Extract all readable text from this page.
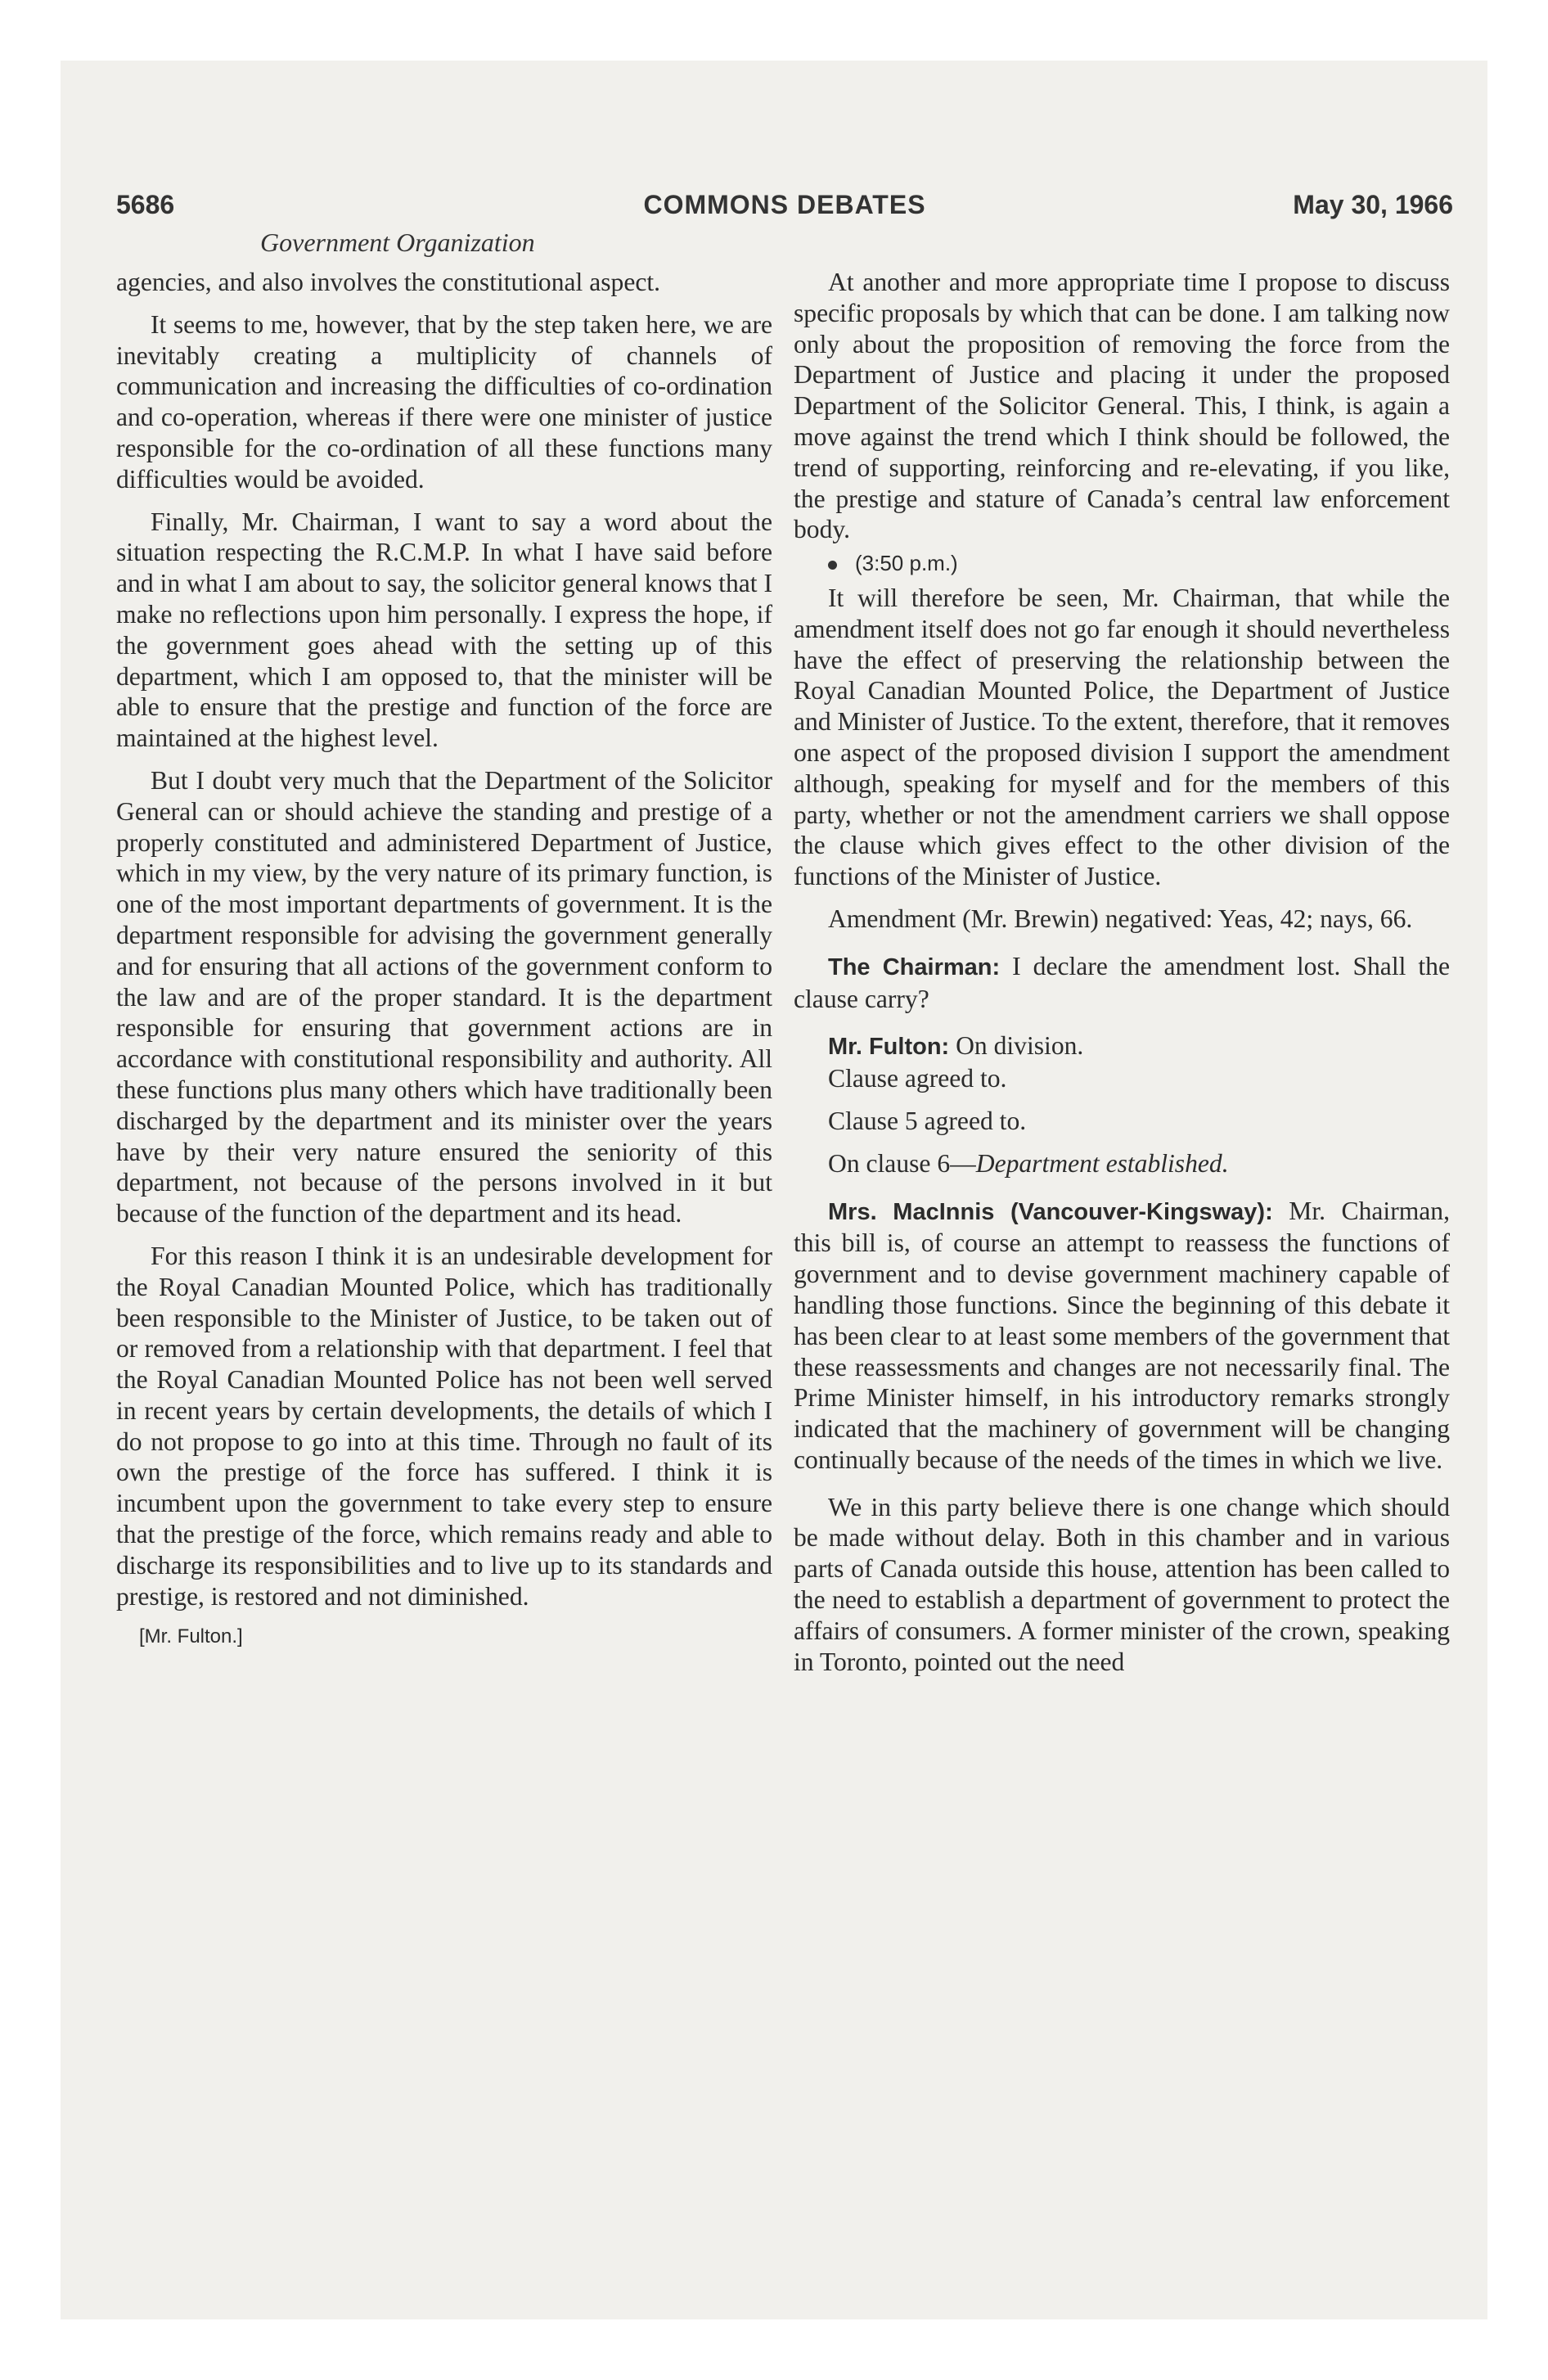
5686	COMMONS DEBATES	May 30, 1966
Government Organization

agencies, and also involves the constitutional aspect.

It seems to me, however, that by the step taken here, we are inevitably creating a multiplicity of channels of communication and increasing the difficulties of co-ordination and co-operation, whereas if there were one minister of justice responsible for the co-ordination of all these functions many difficulties would be avoided.

Finally, Mr. Chairman, I want to say a word about the situation respecting the R.C.M.P. In what I have said before and in what I am about to say, the solicitor general knows that I make no reflections upon him personally. I express the hope, if the government goes ahead with the setting up of this department, which I am opposed to, that the minister will be able to ensure that the prestige and function of the force are maintained at the highest level.

But I doubt very much that the Department of the Solicitor General can or should achieve the standing and prestige of a properly constituted and administered Department of Justice, which in my view, by the very nature of its primary function, is one of the most important departments of government. It is the department responsible for advising the government generally and for ensuring that all actions of the government conform to the law and are of the proper standard. It is the department responsible for ensuring that government actions are in accordance with constitutional responsibility and authority. All these functions plus many others which have traditionally been discharged by the department and its minister over the years have by their very nature ensured the seniority of this department, not because of the persons involved in it but because of the function of the department and its head.

For this reason I think it is an undesirable development for the Royal Canadian Mounted Police, which has traditionally been responsible to the Minister of Justice, to be taken out of or removed from a relationship with that department. I feel that the Royal Canadian Mounted Police has not been well served in recent years by certain developments, the details of which I do not propose to go into at this time. Through no fault of its own the prestige of the force has suffered. I think it is incumbent upon the government to take every step to ensure that the prestige of the force, which remains ready and able to discharge its responsibilities and to live up to its standards and prestige, is restored and not diminished.

[Mr. Fulton.]

At another and more appropriate time I propose to discuss specific proposals by which that can be done. I am talking now only about the proposition of removing the force from the Department of Justice and placing it under the proposed Department of the Solicitor General. This, I think, is again a move against the trend which I think should be followed, the trend of supporting, reinforcing and re-elevating, if you like, the prestige and stature of Canada’s central law enforcement body.

(3:50 p.m.)

It will therefore be seen, Mr. Chairman, that while the amendment itself does not go far enough it should nevertheless have the effect of preserving the relationship between the Royal Canadian Mounted Police, the Department of Justice and Minister of Justice. To the extent, therefore, that it removes one aspect of the proposed division I support the amendment although, speaking for myself and for the members of this party, whether or not the amendment carriers we shall oppose the clause which gives effect to the other division of the functions of the Minister of Justice.

Amendment (Mr. Brewin) negatived: Yeas, 42; nays, 66.

The Chairman: I declare the amendment lost. Shall the clause carry?

Mr. Fulton: On division.

Clause agreed to.

Clause 5 agreed to.

On clause 6—Department established.

Mrs. MacInnis (Vancouver-Kingsway): Mr. Chairman, this bill is, of course an attempt to reassess the functions of government and to devise government machinery capable of handling those functions. Since the beginning of this debate it has been clear to at least some members of the government that these reassessments and changes are not necessarily final. The Prime Minister himself, in his introductory remarks strongly indicated that the machinery of government will be changing continually because of the needs of the times in which we live.

We in this party believe there is one change which should be made without delay. Both in this chamber and in various parts of Canada outside this house, attention has been called to the need to establish a department of government to protect the affairs of consumers. A former minister of the crown, speaking in Toronto, pointed out the need
